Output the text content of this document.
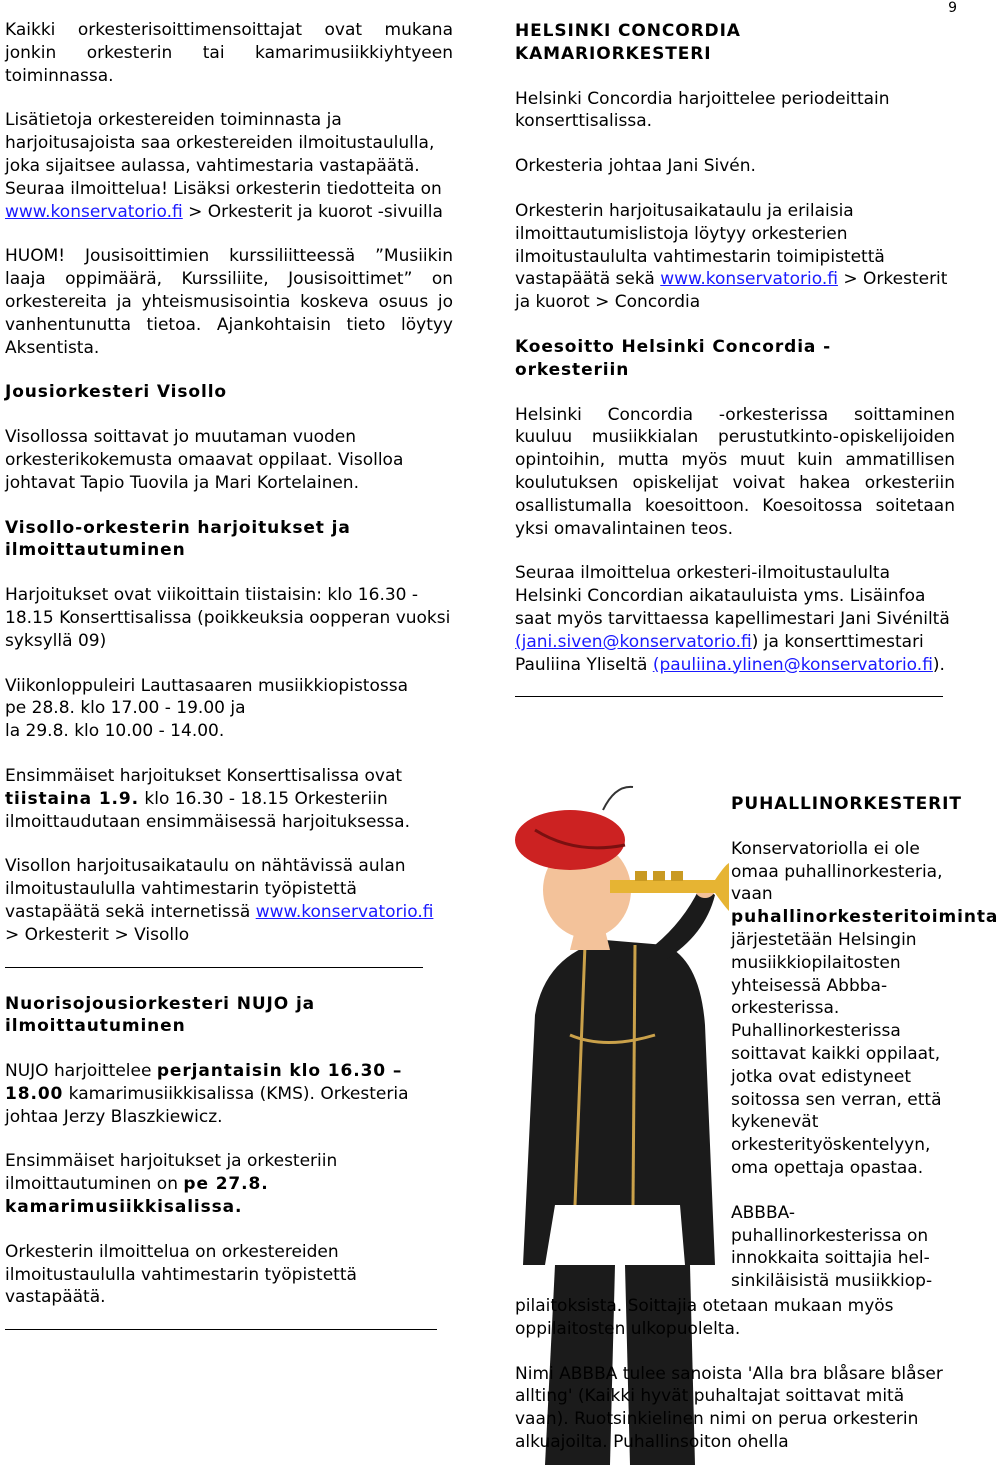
9

Kaikki orkesterisoittimensoittajat ovat mukana jonkin orkesterin tai kamarimusiikkiyhtyeen toiminnassa.

Lisätietoja orkestereiden toiminnasta ja harjoitusajoista saa orkestereiden ilmoitustaululla, joka sijaitsee aulassa, vahtimestaria vastapäätä. Seuraa ilmoittelua! Lisäksi orkesterin tiedotteita on www.konservatorio.fi > Orkesterit ja kuorot -sivuilla

HUOM! Jousisoittimien kurssiliitteessä ”Musiikin laaja oppimäärä, Kurssiliite, Jousisoittimet” on orkestereita ja yhteismusisointia koskeva osuus jo vanhentunutta tietoa. Ajankohtaisin tieto löytyy Aksentista.

Jousiorkesteri Visollo

Visollossa soittavat jo muutaman vuoden orkesterikokemusta omaavat oppilaat. Visolloa johtavat Tapio Tuovila ja Mari Kortelainen.

Visollo-orkesterin harjoitukset ja ilmoittautuminen

Harjoitukset ovat viikoittain tiistaisin: klo 16.30 - 18.15 Konserttisalissa (poikkeuksia oopperan vuoksi syksyllä 09)

Viikonloppuleiri Lauttasaaren musiikkiopistossa
pe 28.8. klo 17.00 - 19.00 ja
la 29.8. klo 10.00 - 14.00.

Ensimmäiset harjoitukset Konserttisalissa ovat tiistaina 1.9. klo 16.30 - 18.15 Orkesteriin ilmoittaudutaan ensimmäisessä harjoituksessa.

Visollon harjoitusaikataulu on nähtävissä aulan ilmoitustaululla vahtimestarin työpistettä vastapäätä sekä internetissä www.konservatorio.fi > Orkesterit > Visollo

Nuorisojousiorkesteri NUJO ja ilmoittautuminen

NUJO harjoittelee perjantaisin klo 16.30 – 18.00 kamarimusiikkisalissa (KMS). Orkesteria johtaa Jerzy Blaszkiewicz.

Ensimmäiset harjoitukset ja orkesteriin ilmoittautuminen on pe 27.8. kamarimusiikkisalissa.

Orkesterin ilmoittelua on orkestereiden ilmoitustaululla vahtimestarin työpistettä vastapäätä.

HELSINKI CONCORDIA KAMARIORKESTERI

Helsinki Concordia harjoittelee periodeittain konserttisalissa.

Orkesteria johtaa Jani Sivén.

Orkesterin harjoitusaikataulu ja erilaisia ilmoittautumislistoja löytyy orkesterien ilmoitustaululta vahtimestarin toimipistettä vastapäätä sekä www.konservatorio.fi > Orkesterit ja kuorot > Concordia

Koesoitto Helsinki Concordia -orkesteriin

Helsinki Concordia -orkesterissa soittaminen kuuluu musiikkialan perustutkinto-opiskelijoiden opintoihin, mutta myös muut kuin ammatillisen koulutuksen opiskelijat voivat hakea orkesteriin osallistumalla koesoittoon. Koesoitossa soitetaan yksi omavalintainen teos.

Seuraa ilmoittelua orkesteri-ilmoitustaululta Helsinki Concordian aikatauluista yms. Lisäinfoa saat myös tarvittaessa kapellimestari Jani Sivéniltä (jani.siven@konservatorio.fi) ja konserttimestari Pauliina Yliseltä (pauliina.ylinen@konservatorio.fi).

PUHALLINORKESTERIT

Konservatoriolla ei ole omaa puhallinorkesteria, vaan puhallinorkesteritoiminta järjestetään Helsingin musiikkiopilaitosten yhteisessä Abbba-orkesterissa. Puhallinorkesterissa soittavat kaikki oppilaat, jotka ovat edistyneet soitossa sen verran, että kykenevät orkesterityöskentelyyn, oma opettaja opastaa.

ABBBA-
puhallinorkesterissa on
innokkaita soittajia hel-
sinkiläisistä musiikkiop-

pilaitoksista. Soittajia otetaan mukaan myös oppilaitosten ulkopuolelta.

Nimi ABBBA tulee sanoista 'Alla bra blåsare blåser allting' (Kaikki hyvät puhaltajat soittavat mitä vaan). Ruotsinkielinen nimi on perua orkesterin alkuajoilta. Puhallinsoiton ohella
